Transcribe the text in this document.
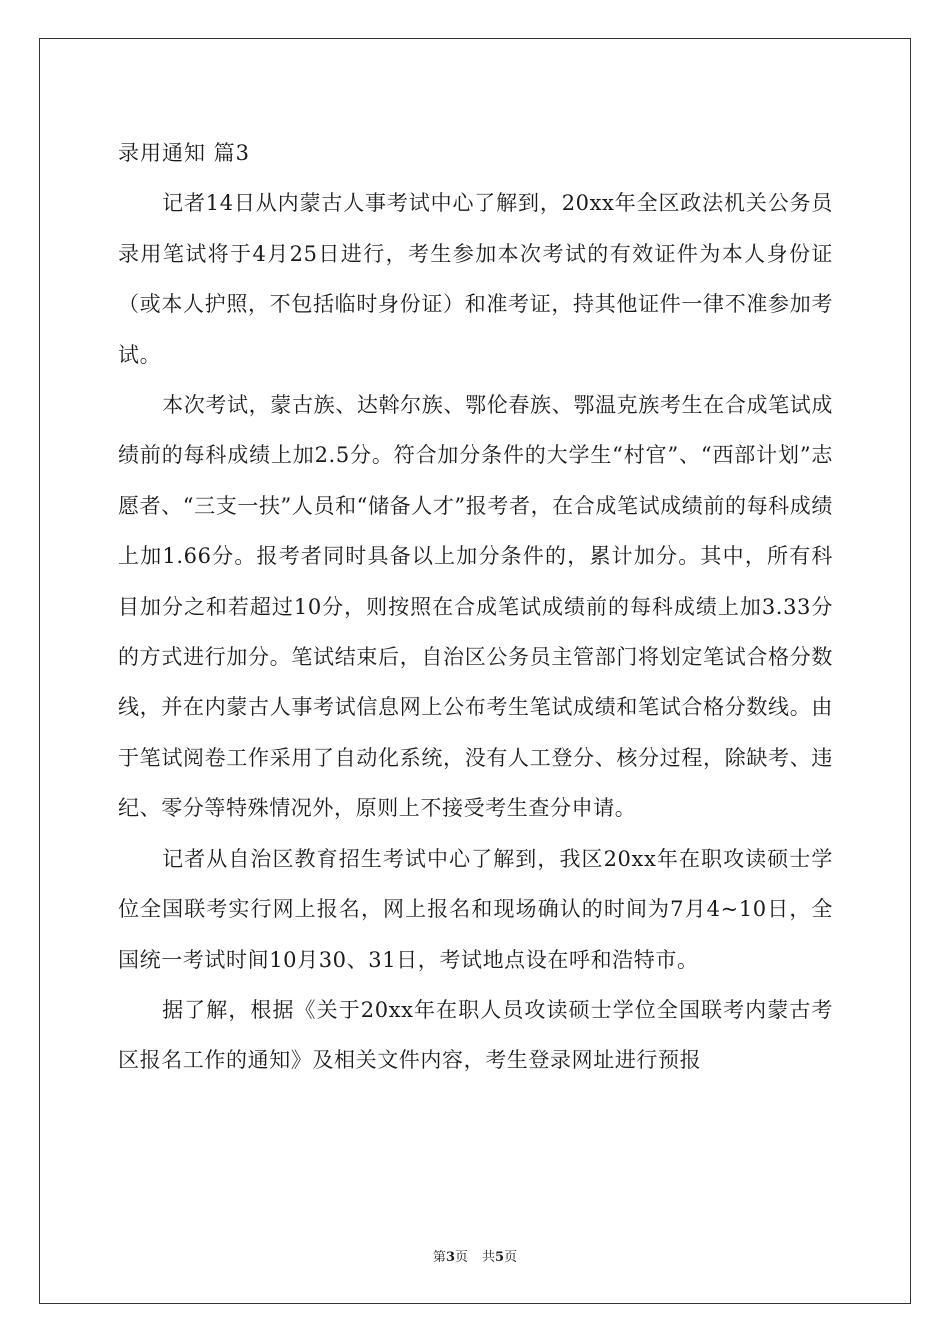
录用通知 篇3

记者14日从内蒙古人事考试中心了解到，20xx年全区政法机关公务员录用笔试将于4月25日进行，考生参加本次考试的有效证件为本人身份证（或本人护照，不包括临时身份证）和准考证，持其他证件一律不准参加考试。

本次考试，蒙古族、达斡尔族、鄂伦春族、鄂温克族考生在合成笔试成绩前的每科成绩上加2.5分。符合加分条件的大学生“村官”、“西部计划”志愿者、“三支一扶”人员和“储备人才”报考者，在合成笔试成绩前的每科成绩上加1.66分。报考者同时具备以上加分条件的，累计加分。其中，所有科目加分之和若超过10分，则按照在合成笔试成绩前的每科成绩上加3.33分的方式进行加分。笔试结束后，自治区公务员主管部门将划定笔试合格分数线，并在内蒙古人事考试信息网上公布考生笔试成绩和笔试合格分数线。由于笔试阅卷工作采用了自动化系统，没有人工登分、核分过程，除缺考、违纪、零分等特殊情况外，原则上不接受考生查分申请。

记者从自治区教育招生考试中心了解到，我区20xx年在职攻读硕士学位全国联考实行网上报名，网上报名和现场确认的时间为7月4~10日，全国统一考试时间10月30、31日，考试地点设在呼和浩特市。

据了解，根据《关于20xx年在职人员攻读硕士学位全国联考内蒙古考区报名工作的通知》及相关文件内容，考生登录网址进行预报

第3页 共5页
